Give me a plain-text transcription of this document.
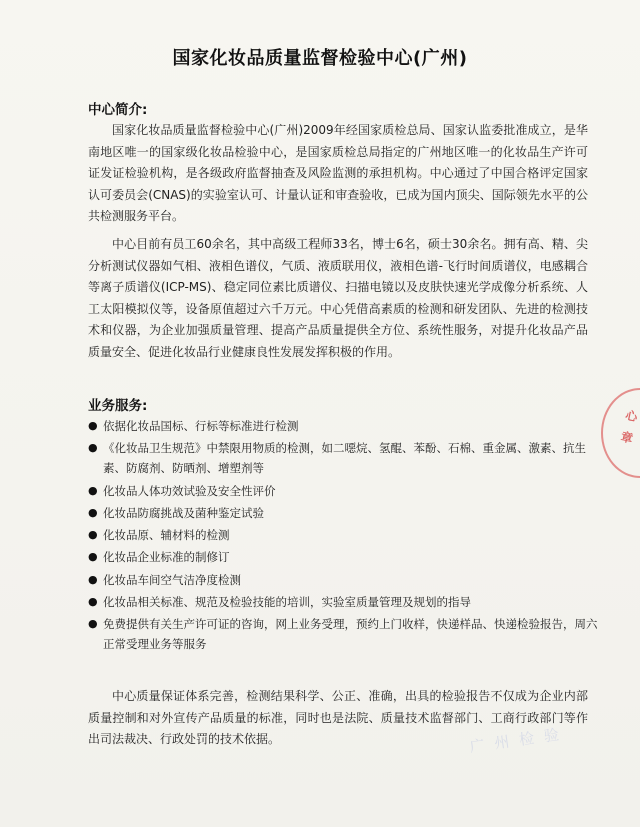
国家化妆品质量监督检验中心(广州)
中心简介:
国家化妆品质量监督检验中心(广州)2009年经国家质检总局、国家认监委批准成立，是华南地区唯一的国家级化妆品检验中心，是国家质检总局指定的广州地区唯一的化妆品生产许可证发证检验机构，是各级政府监督抽查及风险监测的承担机构。中心通过了中国合格评定国家认可委员会(CNAS)的实验室认可、计量认证和审查验收，已成为国内顶尖、国际领先水平的公共检测服务平台。
中心目前有员工60余名，其中高级工程师33名，博士6名，硕士30余名。拥有高、精、尖分析测试仪器如气相、液相色谱仪，气质、液质联用仪，液相色谱-飞行时间质谱仪，电感耦合等离子质谱仪(ICP-MS)、稳定同位素比质谱仪、扫描电镜以及皮肤快速光学成像分析系统、人工太阳模拟仪等，设备原值超过六千万元。中心凭借高素质的检测和研发团队、先进的检测技术和仪器，为企业加强质量管理、提高产品质量提供全方位、系统性服务，对提升化妆品产品质量安全、促进化妆品行业健康良性发展发挥积极的作用。
业务服务:
● 依据化妆品国标、行标等标准进行检测
● 《化妆品卫生规范》中禁限用物质的检测，如二噁烷、氢醌、苯酚、石棉、重金属、激素、抗生素、防腐剂、防晒剂、增塑剂等
● 化妆品人体功效试验及安全性评价
● 化妆品防腐挑战及菌种鉴定试验
● 化妆品原、辅材料的检测
● 化妆品企业标准的制修订
● 化妆品车间空气洁净度检测
● 化妆品相关标准、规范及检验技能的培训，实验室质量管理及规划的指导
● 免费提供有关生产许可证的咨询，网上业务受理，预约上门收样，快递样品、快递检验报告，周六正常受理业务等服务
中心质量保证体系完善，检测结果科学、公正、准确，出具的检验报告不仅成为企业内部质量控制和对外宣传产品质量的标准，同时也是法院、质量技术监督部门、工商行政部门等作出司法裁决、行政处罚的技术依据。
心章
广州检验
